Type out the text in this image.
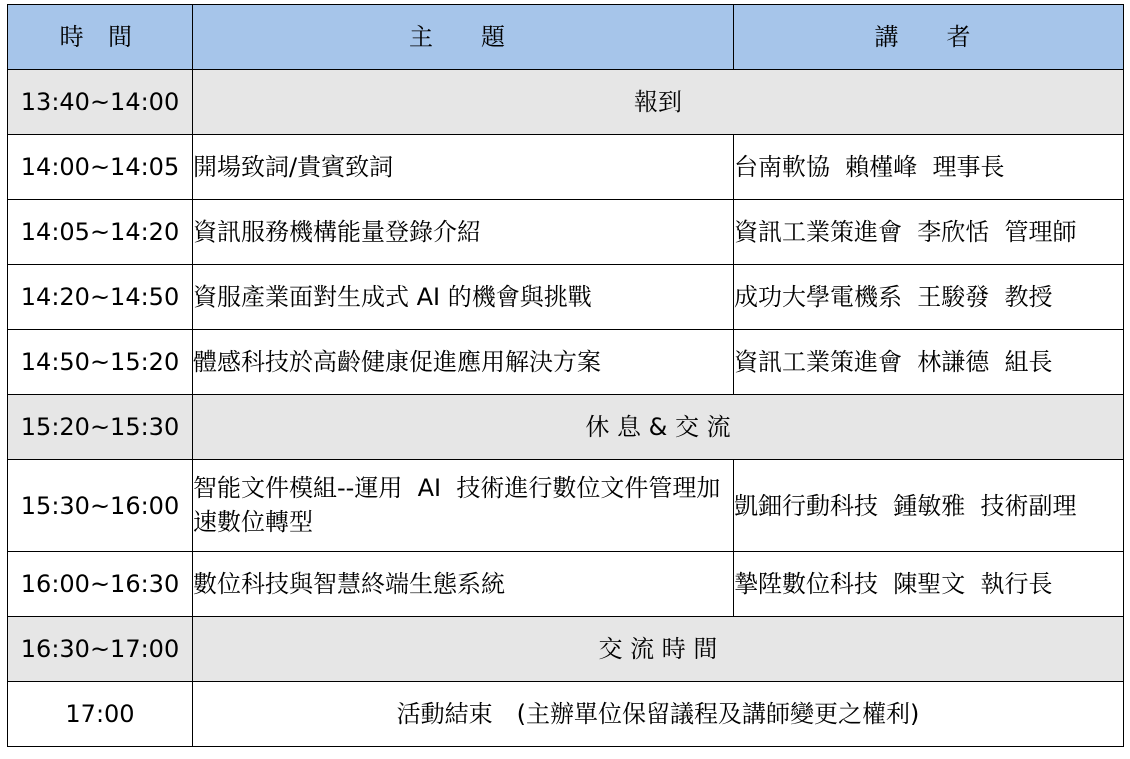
時 間	主　題	講　者
13:40~14:00	報到	
14:00~14:05	開場致詞/貴賓致詞	台南軟協  賴槿峰  理事長
14:05~14:20	資訊服務機構能量登錄介紹	資訊工業策進會  李欣恬  管理師
14:20~14:50	資服產業面對生成式 AI 的機會與挑戰	成功大學電機系  王駿發  教授
14:50~15:20	體感科技於高齡健康促進應用解決方案	資訊工業策進會  林謙德  組長
15:20~15:30	休 息 & 交 流	
15:30~16:00	智能文件模組--運用  AI  技術進行數位文件管理加速數位轉型	凱鈿行動科技  鍾敏雅  技術副理
16:00~16:30	數位科技與智慧終端生態系統	摯陞數位科技  陳聖文  執行長
16:30~17:00	交 流 時 間	
17:00	活動結束　(主辦單位保留議程及講師變更之權利)	
